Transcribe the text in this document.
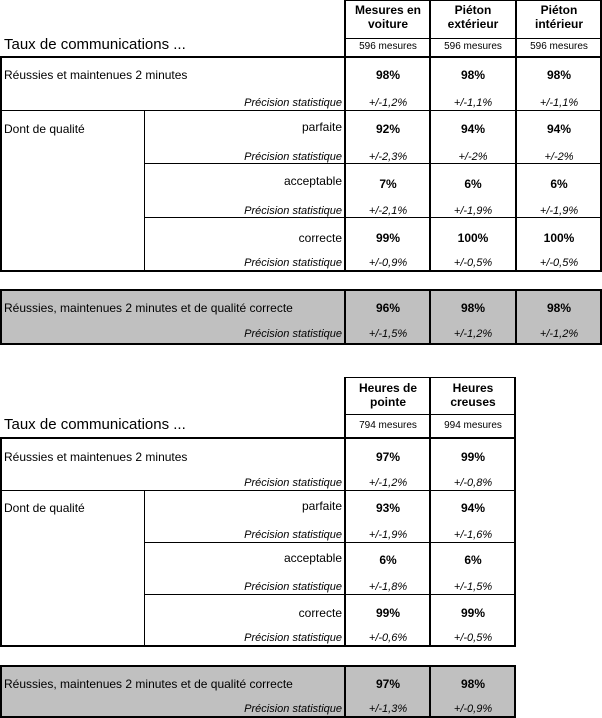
Mesures en
voiture
Piéton
extérieur
Piéton
intérieur
596 mesures	596 mesures	596 mesures
Taux de communications ...
Réussies et maintenues 2 minutes
Précision statistique
98%	98%	98%
+/-1,2%	+/-1,1%	+/-1,1%
Dont de qualité	parfaite
Précision statistique
92%	94%	94%
+/-2,3%	+/-2%	+/-2%
acceptable
Précision statistique
7%	6%	6%
+/-2,1%	+/-1,9%	+/-1,9%
correcte
Précision statistique
99%	100%	100%
+/-0,9%	+/-0,5%	+/-0,5%
Réussies, maintenues 2 minutes et de qualité correcte
Précision statistique
96%	98%	98%
+/-1,5%	+/-1,2%	+/-1,2%
Heures de
pointe
Heures
creuses
794 mesures	994 mesures
Taux de communications ...
Réussies et maintenues 2 minutes
Précision statistique
97%	99%
+/-1,2%	+/-0,8%
Dont de qualité	parfaite
Précision statistique
93%	94%
+/-1,9%	+/-1,6%
acceptable
Précision statistique
6%	6%
+/-1,8%	+/-1,5%
correcte
Précision statistique
99%	99%
+/-0,6%	+/-0,5%
Réussies, maintenues 2 minutes et de qualité correcte
Précision statistique
97%	98%
+/-1,3%	+/-0,9%
